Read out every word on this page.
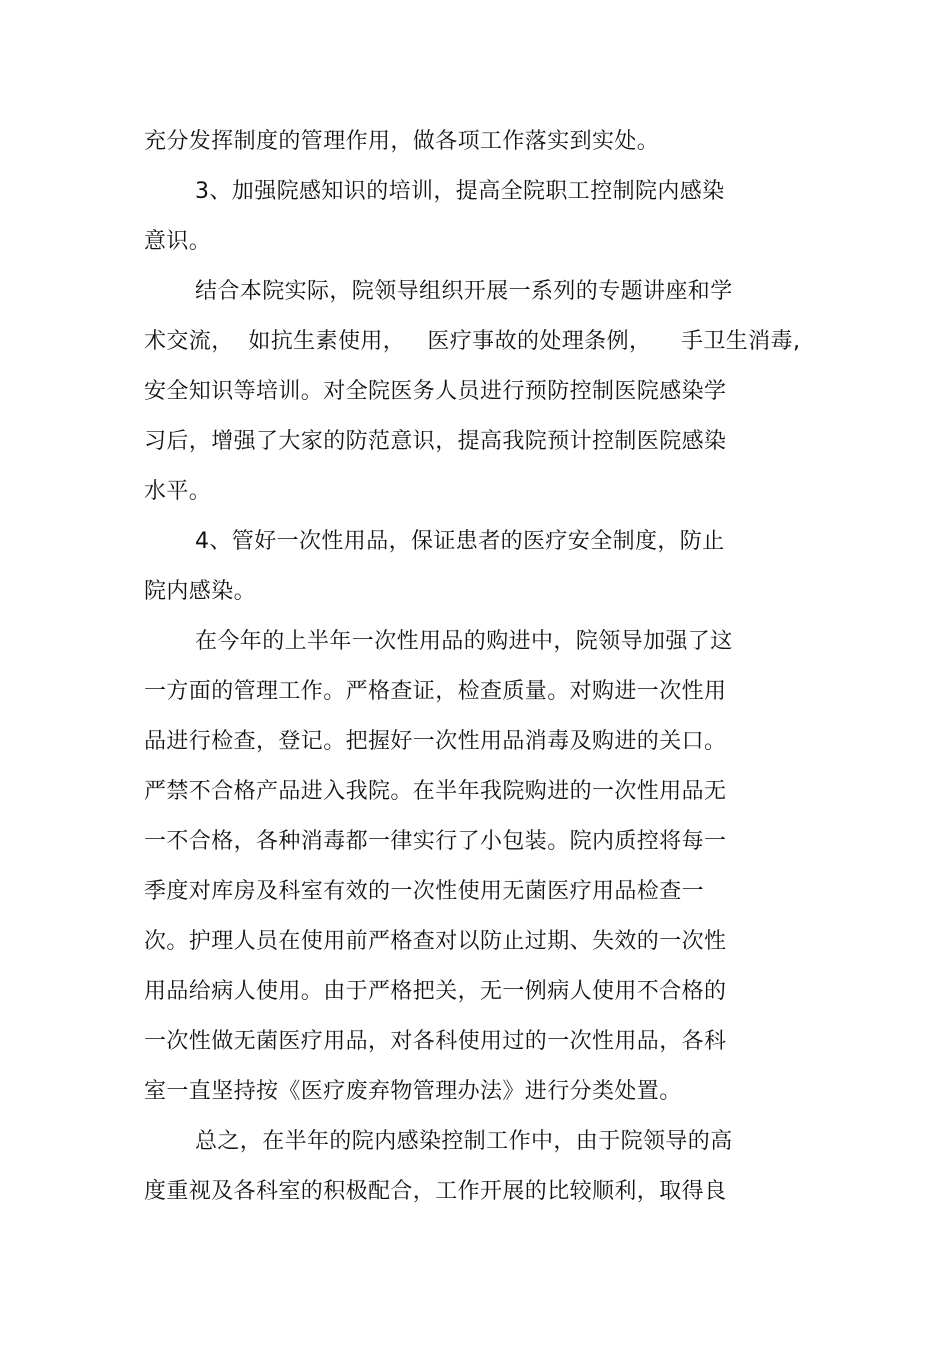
充分发挥制度的管理作用，做各项工作落实到实处。
3、加强院感知识的培训，提高全院职工控制院内感染
意识。
结合本院实际，院领导组织开展一系列的专题讲座和学
术交流，  如抗生素使用，   医疗事故的处理条例，    手卫生消毒,
安全知识等培训。对全院医务人员进行预防控制医院感染学
习后，增强了大家的防范意识，提高我院预计控制医院感染
水平。
4、管好一次性用品，保证患者的医疗安全制度，防止
院内感染。
在今年的上半年一次性用品的购进中，院领导加强了这
一方面的管理工作。严格查证，检查质量。对购进一次性用
品进行检查，登记。把握好一次性用品消毒及购进的关口。
严禁不合格产品进入我院。在半年我院购进的一次性用品无
一不合格，各种消毒都一律实行了小包装。院内质控将每一
季度对库房及科室有效的一次性使用无菌医疗用品检查一
次。护理人员在使用前严格查对以防止过期、失效的一次性
用品给病人使用。由于严格把关，无一例病人使用不合格的
一次性做无菌医疗用品，对各科使用过的一次性用品，各科
室一直坚持按《医疗废弃物管理办法》进行分类处置。
总之，在半年的院内感染控制工作中，由于院领导的高
度重视及各科室的积极配合，工作开展的比较顺利，取得良
